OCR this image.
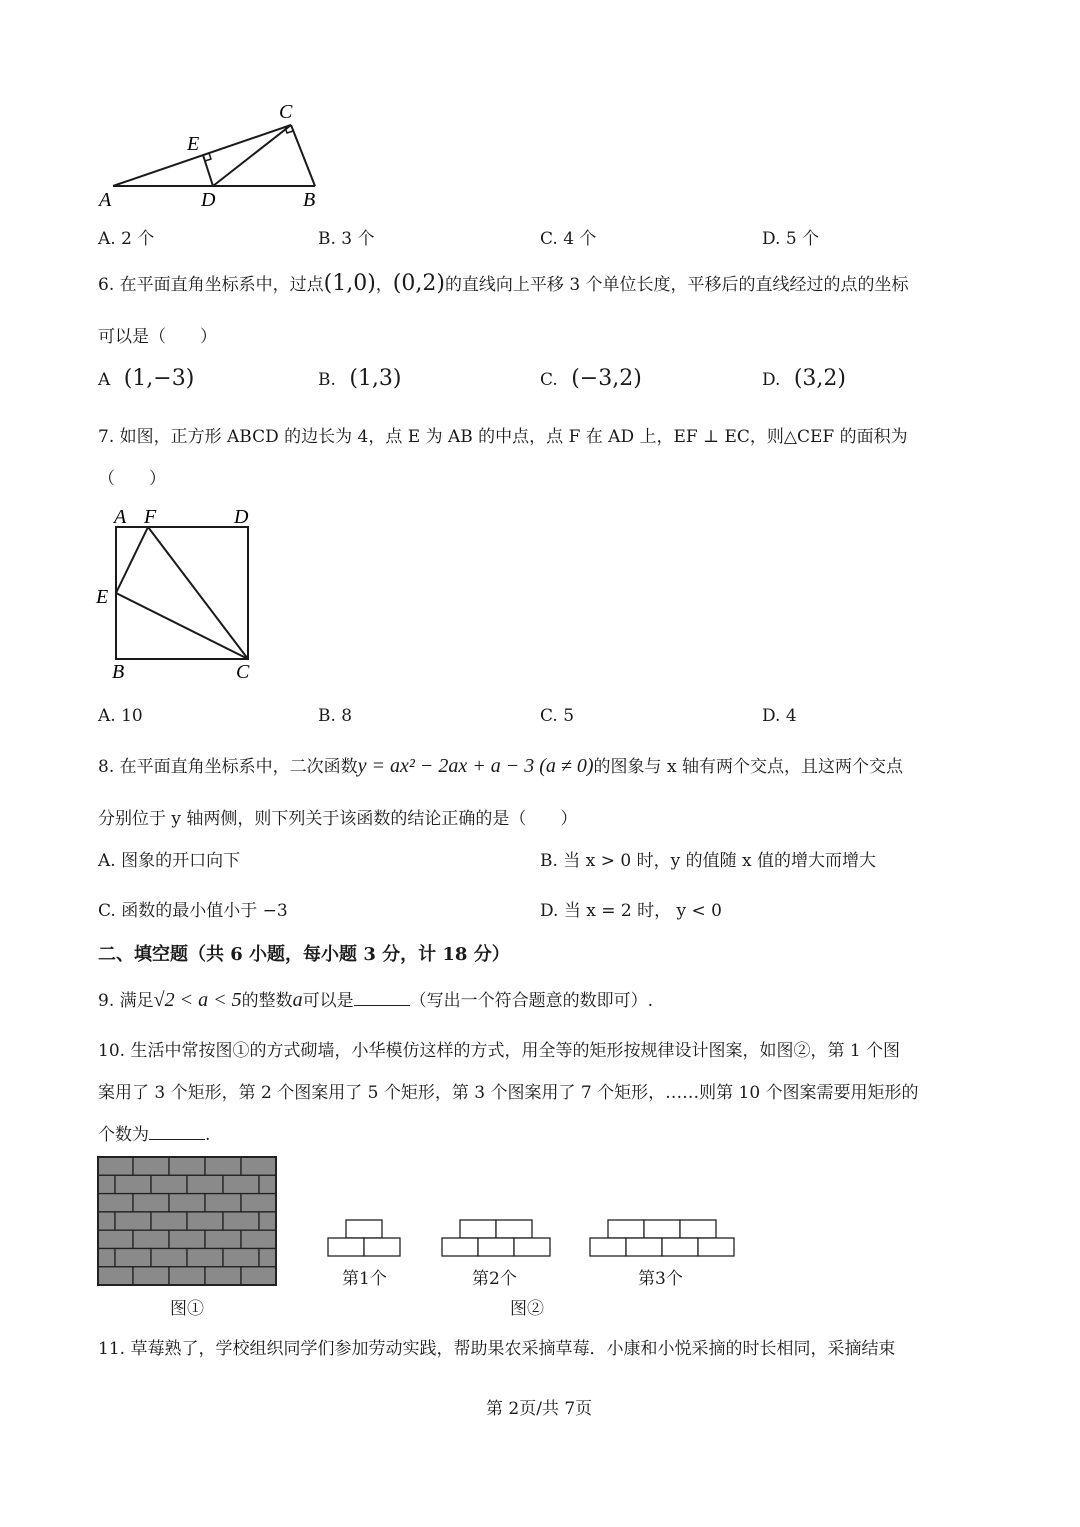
A	D	B
E
C
A. 2 个	B. 3 个	C. 4 个	D. 5 个
6. 在平面直角坐标系中，过点(1,0)，(0,2)的直线向上平移 3 个单位长度，平移后的直线经过的点的坐标
可以是（　　）
A (1,−3)	B. (1,3)	C. (−3,2)	D. (3,2)
7. 如图，正方形 ABCD 的边长为 4，点 E 为 AB 的中点，点 F 在 AD 上，EF ⊥ EC，则△CEF 的面积为
（　　）
A F	D
E
B	C
A. 10	B. 8	C. 5	D. 4
8. 在平面直角坐标系中，二次函数y = ax² − 2ax + a − 3 (a ≠ 0)的图象与 x 轴有两个交点，且这两个交点
分别位于 y 轴两侧，则下列关于该函数的结论正确的是（　　）
A. 图象的开口向下	B. 当 x > 0 时，y 的值随 x 值的增大而增大
C. 函数的最小值小于 −3	D. 当 x = 2 时， y < 0
二、填空题（共 6 小题，每小题 3 分，计 18 分）
9. 满足√2 < a < 5的整数a可以是	（写出一个符合题意的数即可）.
10. 生活中常按图①的方式砌墙，小华模仿这样的方式，用全等的矩形按规律设计图案，如图②，第 1 个图
案用了 3 个矩形，第 2 个图案用了 5 个矩形，第 3 个图案用了 7 个矩形，……则第 10 个图案需要用矩形的
个数为	.
图①
第1个	第2个	第3个
图②
11. 草莓熟了，学校组织同学们参加劳动实践，帮助果农采摘草莓．小康和小悦采摘的时长相同，采摘结束
第 2页/共 7页
